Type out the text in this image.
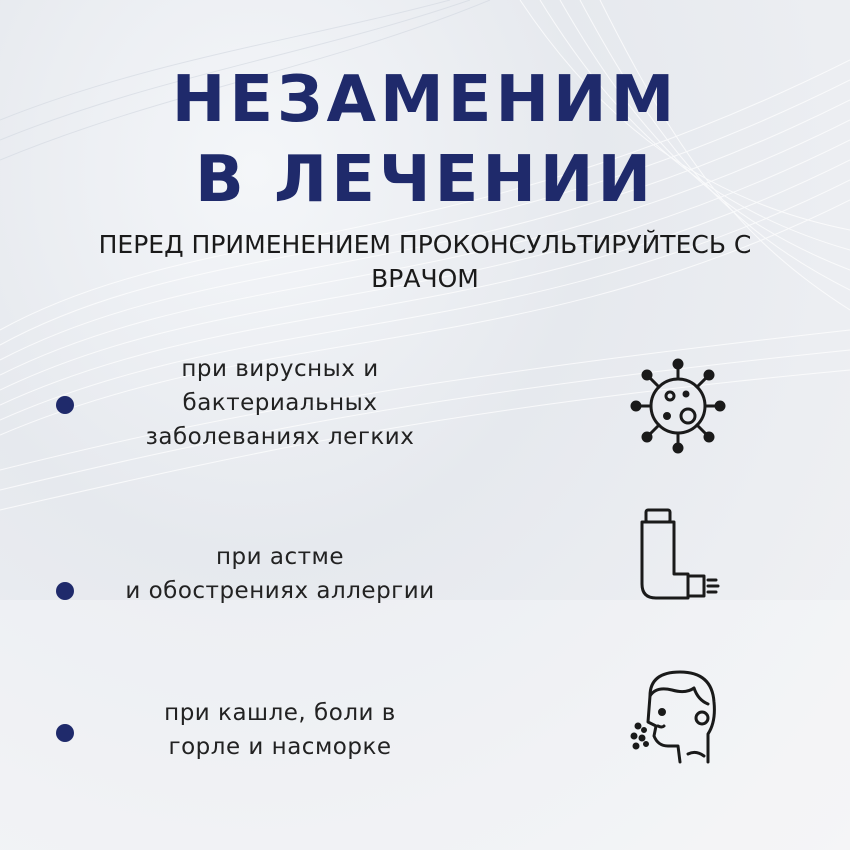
НЕЗАМЕНИМ
В ЛЕЧЕНИИ

ПЕРЕД ПРИМЕНЕНИЕМ ПРОКОНСУЛЬТИРУЙТЕСЬ С
ВРАЧОМ

при вирусных и
бактериальных
заболеваниях легких
при астме
и обострениях аллергии
при кашле, боли в
горле и насморке
